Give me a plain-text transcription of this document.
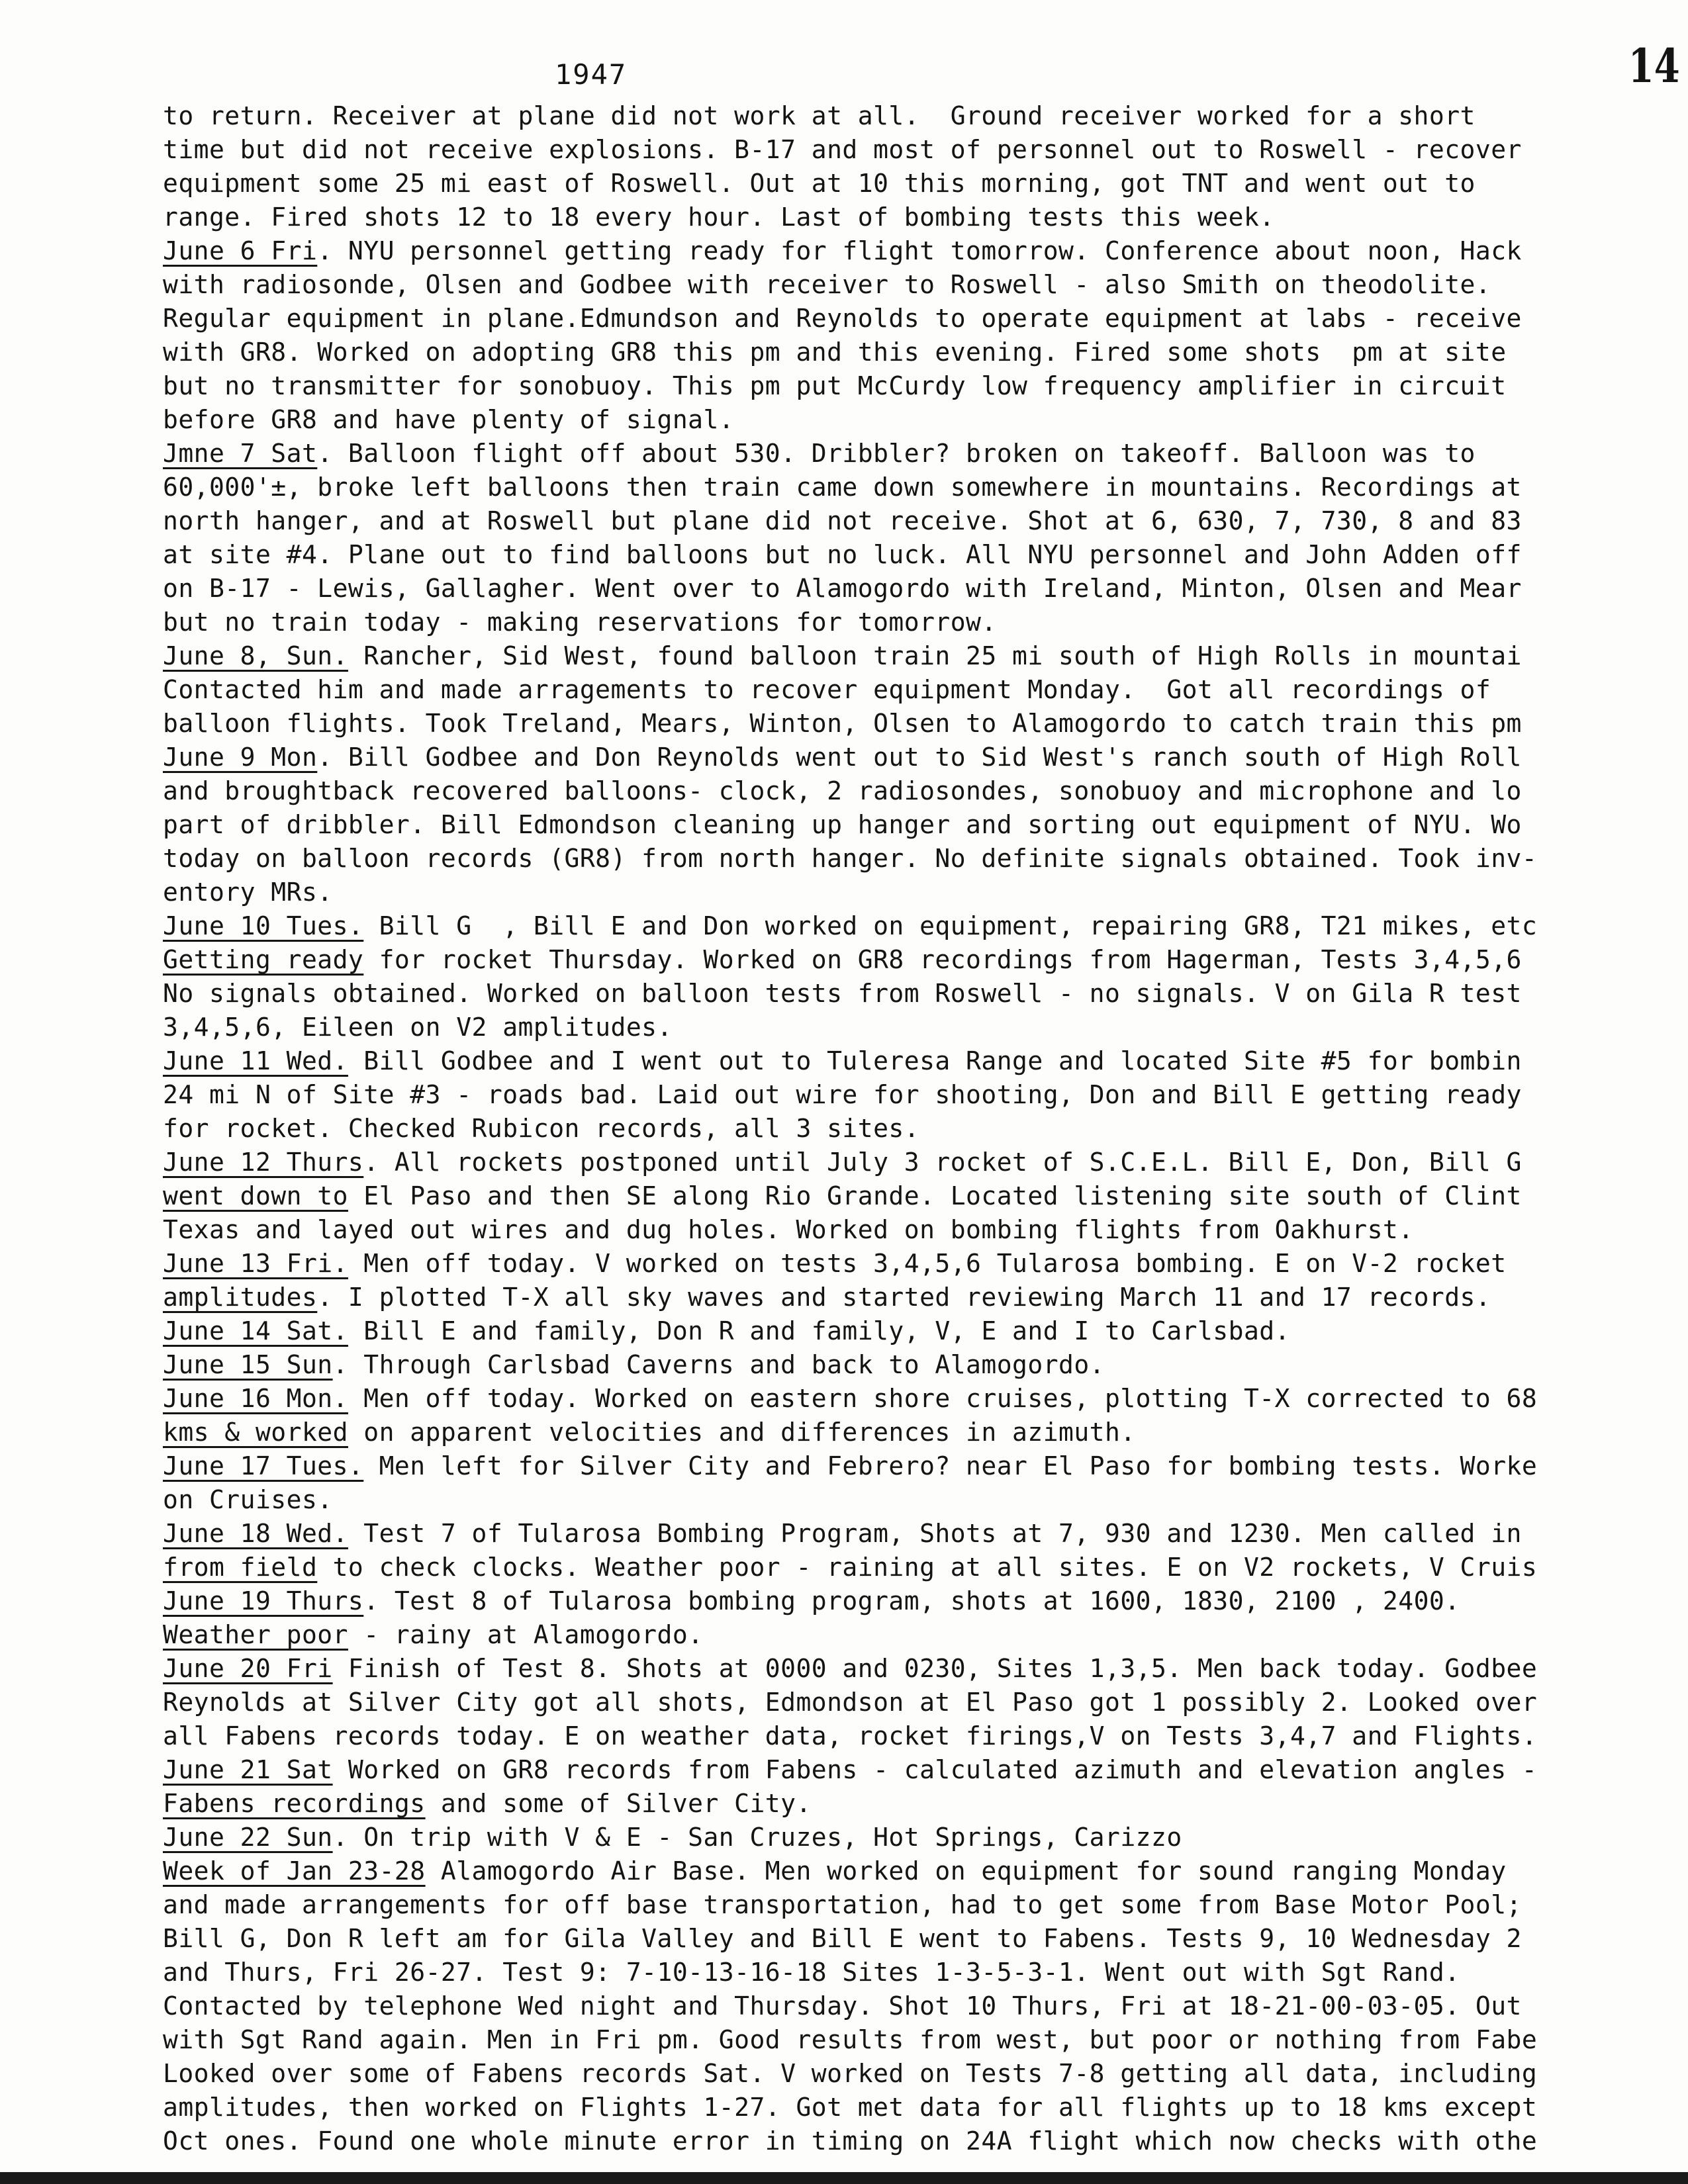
1947	14
to return. Receiver at plane did not work at all.  Ground receiver worked for a short
time but did not receive explosions. B-17 and most of personnel out to Roswell - recover
equipment some 25 mi east of Roswell. Out at 10 this morning, got TNT and went out to
range. Fired shots 12 to 18 every hour. Last of bombing tests this week.
June 6 Fri. NYU personnel getting ready for flight tomorrow. Conference about noon, Hack
with radiosonde, Olsen and Godbee with receiver to Roswell - also Smith on theodolite.
Regular equipment in plane.Edmundson and Reynolds to operate equipment at labs - receive
with GR8. Worked on adopting GR8 this pm and this evening. Fired some shots  pm at site
but no transmitter for sonobuoy. This pm put McCurdy low frequency amplifier in circuit
before GR8 and have plenty of signal.
Jmne 7 Sat. Balloon flight off about 530. Dribbler? broken on takeoff. Balloon was to
60,000'±, broke left balloons then train came down somewhere in mountains. Recordings at
north hanger, and at Roswell but plane did not receive. Shot at 6, 630, 7, 730, 8 and 83
at site #4. Plane out to find balloons but no luck. All NYU personnel and John Adden off
on B-17 - Lewis, Gallagher. Went over to Alamogordo with Ireland, Minton, Olsen and Mear
but no train today - making reservations for tomorrow.
June 8, Sun. Rancher, Sid West, found balloon train 25 mi south of High Rolls in mountai
Contacted him and made arragements to recover equipment Monday.  Got all recordings of
balloon flights. Took Treland, Mears, Winton, Olsen to Alamogordo to catch train this pm
June 9 Mon. Bill Godbee and Don Reynolds went out to Sid West's ranch south of High Roll
and broughtback recovered balloons- clock, 2 radiosondes, sonobuoy and microphone and lo
part of dribbler. Bill Edmondson cleaning up hanger and sorting out equipment of NYU. Wo
today on balloon records (GR8) from north hanger. No definite signals obtained. Took inv-
entory MRs.
June 10 Tues. Bill G  , Bill E and Don worked on equipment, repairing GR8, T21 mikes, etc
Getting ready for rocket Thursday. Worked on GR8 recordings from Hagerman, Tests 3,4,5,6
No signals obtained. Worked on balloon tests from Roswell - no signals. V on Gila R test
3,4,5,6, Eileen on V2 amplitudes.
June 11 Wed. Bill Godbee and I went out to Tuleresa Range and located Site #5 for bombin
24 mi N of Site #3 - roads bad. Laid out wire for shooting, Don and Bill E getting ready
for rocket. Checked Rubicon records, all 3 sites.
June 12 Thurs. All rockets postponed until July 3 rocket of S.C.E.L. Bill E, Don, Bill G
went down to El Paso and then SE along Rio Grande. Located listening site south of Clint
Texas and layed out wires and dug holes. Worked on bombing flights from Oakhurst.
June 13 Fri. Men off today. V worked on tests 3,4,5,6 Tularosa bombing. E on V-2 rocket
amplitudes. I plotted T-X all sky waves and started reviewing March 11 and 17 records.
June 14 Sat. Bill E and family, Don R and family, V, E and I to Carlsbad.
June 15 Sun. Through Carlsbad Caverns and back to Alamogordo.
June 16 Mon. Men off today. Worked on eastern shore cruises, plotting T-X corrected to 68
kms & worked on apparent velocities and differences in azimuth.
June 17 Tues. Men left for Silver City and Febrero? near El Paso for bombing tests. Worke
on Cruises.
June 18 Wed. Test 7 of Tularosa Bombing Program, Shots at 7, 930 and 1230. Men called in
from field to check clocks. Weather poor - raining at all sites. E on V2 rockets, V Cruis
June 19 Thurs. Test 8 of Tularosa bombing program, shots at 1600, 1830, 2100 , 2400.
Weather poor - rainy at Alamogordo.
June 20 Fri Finish of Test 8. Shots at 0000 and 0230, Sites 1,3,5. Men back today. Godbee
Reynolds at Silver City got all shots, Edmondson at El Paso got 1 possibly 2. Looked over
all Fabens records today. E on weather data, rocket firings,V on Tests 3,4,7 and Flights.
June 21 Sat Worked on GR8 records from Fabens - calculated azimuth and elevation angles -
Fabens recordings and some of Silver City.
June 22 Sun. On trip with V & E - San Cruzes, Hot Springs, Carizzo
Week of Jan 23-28 Alamogordo Air Base. Men worked on equipment for sound ranging Monday
and made arrangements for off base transportation, had to get some from Base Motor Pool;
Bill G, Don R left am for Gila Valley and Bill E went to Fabens. Tests 9, 10 Wednesday 2
and Thurs, Fri 26-27. Test 9: 7-10-13-16-18 Sites 1-3-5-3-1. Went out with Sgt Rand.
Contacted by telephone Wed night and Thursday. Shot 10 Thurs, Fri at 18-21-00-03-05. Out
with Sgt Rand again. Men in Fri pm. Good results from west, but poor or nothing from Fabe
Looked over some of Fabens records Sat. V worked on Tests 7-8 getting all data, including
amplitudes, then worked on Flights 1-27. Got met data for all flights up to 18 kms except
Oct ones. Found one whole minute error in timing on 24A flight which now checks with othe
